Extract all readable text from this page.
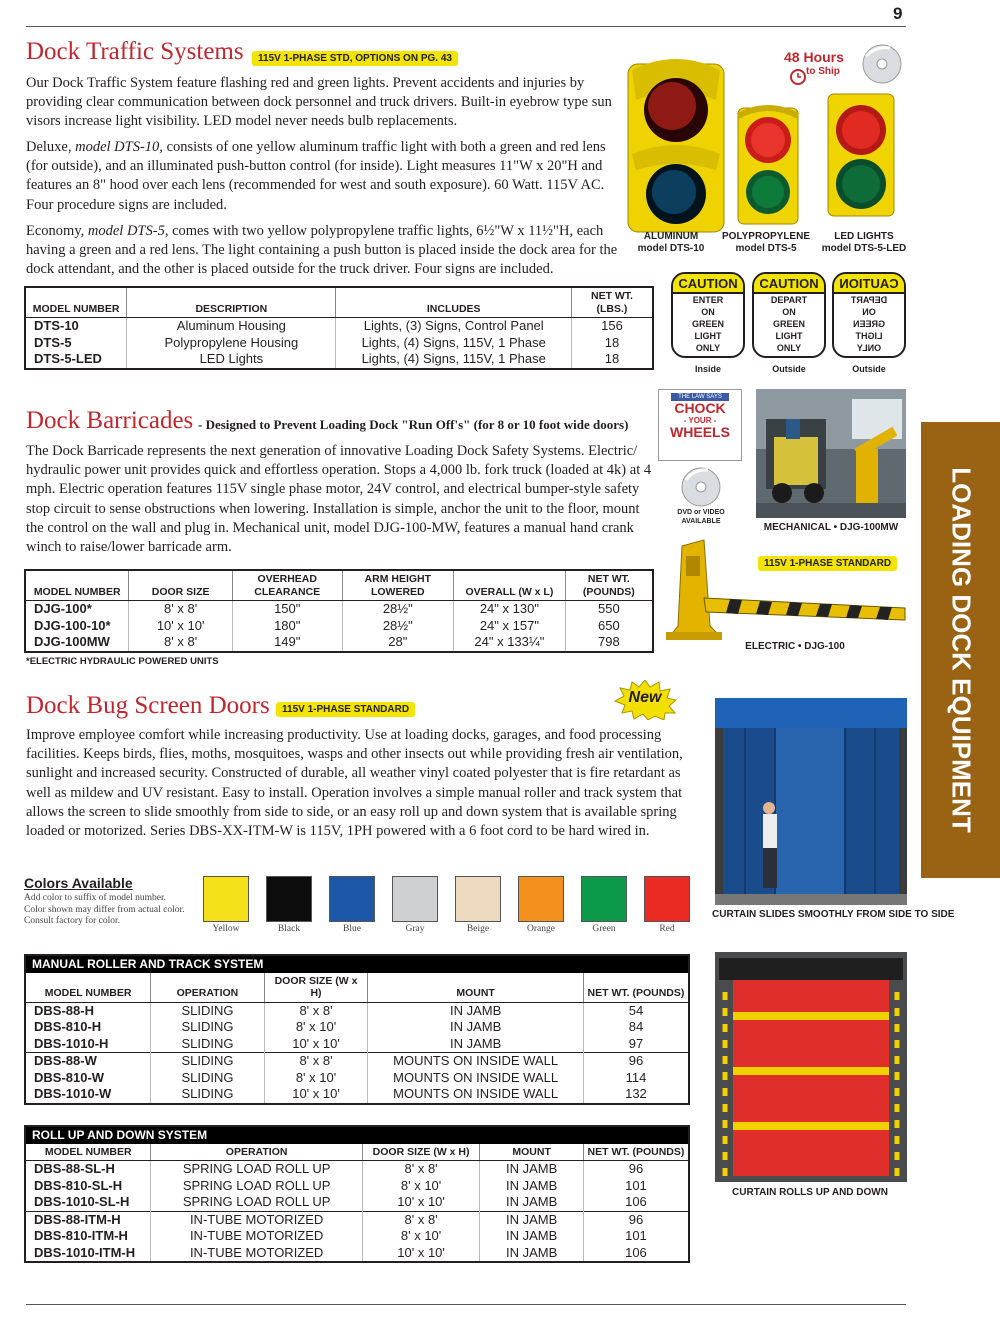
9
LOADING DOCK EQUIPMENT
Dock Traffic Systems	115V 1-PHASE STD, OPTIONS ON PG. 43
Our Dock Traffic System feature flashing red and green lights. Prevent accidents and injuries by providing clear communication between dock personnel and truck drivers. Built-in eyebrow type sun visors increase light visibility. LED model never needs bulb replacements.
Deluxe, model DTS-10, consists of one yellow aluminum traffic light with both a green and red lens (for outside), and an illuminated push-button control (for inside). Light measures 11"W x 20"H and features an 8" hood over each lens (recommended for west and south exposure). 60 Watt. 115V AC. Four procedure signs are included.
Economy, model DTS-5, comes with two yellow polypropylene traffic lights, 6½"W x 11½"H, each having a green and a red lens. The light containing a push button is placed inside the dock area for the dock attendant, and the other is placed outside for the truck driver. Four signs are included.
48 Hours
to Ship
ALUMINUM
model DTS-10
POLYPROPYLENE
model DTS-5
LED LIGHTS
model DTS-5-LED
CAUTION
ENTER
ON
GREEN
LIGHT
ONLY
CAUTION
DEPART
ON
GREEN
LIGHT
ONLY
CAUTION
DEPART
ON
GREEN
LIGHT
ONLY
Inside	Outside	Outside
MODEL NUMBER	DESCRIPTION	INCLUDES	NET WT. (LBS.)
DTS-10	Aluminum Housing	Lights, (3) Signs, Control Panel	156
DTS-5	Polypropylene Housing	Lights, (4) Signs, 115V, 1 Phase	18
DTS-5-LED	LED Lights	Lights, (4) Signs, 115V, 1 Phase	18
Dock Barricades - Designed to Prevent Loading Dock "Run Off's" (for 8 or 10 foot wide doors)
The Dock Barricade represents the next generation of innovative Loading Dock Safety Systems. Electric/ hydraulic power unit provides quick and effortless operation. Stops a 4,000 lb. fork truck (loaded at 4k) at 4 mph. Electric operation features 115V single phase motor, 24V control, and electrical bumper-style safety stop circuit to sense obstructions when lowering. Installation is simple, anchor the unit to the floor, mount the control on the wall and plug in. Mechanical unit, model DJG-100-MW, features a manual hand crank winch to raise/lower barricade arm.
THE LAW SAYS
CHOCK
- YOUR -
WHEELS
DVD or VIDEO AVAILABLE
MECHANICAL • DJG-100MW
115V 1-PHASE STANDARD
ELECTRIC • DJG-100
MODEL NUMBER	DOOR SIZE	OVERHEAD CLEARANCE	ARM HEIGHT LOWERED	OVERALL (W x L)	NET WT. (POUNDS)
DJG-100*	8' x 8'	150"	28½"	24" x 130"	550
DJG-100-10*	10' x 10'	180"	28½"	24" x 157"	650
DJG-100MW	8' x 8'	149"	28"	24" x 133¼"	798
*ELECTRIC HYDRAULIC POWERED UNITS
Dock Bug Screen Doors	115V 1-PHASE STANDARD
New
Improve employee comfort while increasing productivity. Use at loading docks, garages, and food processing facilities. Keeps birds, flies, moths, mosquitoes, wasps and other insects out while providing fresh air ventilation, sunlight and increased security. Constructed of durable, all weather vinyl coated polyester that is fire retardant as well as mildew and UV resistant. Easy to install. Operation involves a simple manual roller and track system that allows the screen to slide smoothly from side to side, or an easy roll up and down system that is available spring loaded or motorized. Series DBS-XX-ITM-W is 115V, 1PH powered with a 6 foot cord to be hard wired in.
Colors Available
Add color to suffix of model number.
Color shown may differ from actual color.
Consult factory for color.
Yellow	Black	Blue	Gray	Beige	Orange	Green	Red
CURTAIN SLIDES SMOOTHLY FROM SIDE TO SIDE
CURTAIN ROLLS UP AND DOWN
MANUAL ROLLER AND TRACK SYSTEM				
MODEL NUMBER	OPERATION	DOOR SIZE (W x H)	MOUNT	NET WT. (POUNDS)
DBS-88-H	SLIDING	8' x 8'	IN JAMB	54
DBS-810-H	SLIDING	8' x 10'	IN JAMB	84
DBS-1010-H	SLIDING	10' x 10'	IN JAMB	97
DBS-88-W	SLIDING	8' x 8'	MOUNTS ON INSIDE WALL	96
DBS-810-W	SLIDING	8' x 10'	MOUNTS ON INSIDE WALL	114
DBS-1010-W	SLIDING	10' x 10'	MOUNTS ON INSIDE WALL	132
ROLL UP AND DOWN SYSTEM				
MODEL NUMBER	OPERATION	DOOR SIZE (W x H)	MOUNT	NET WT. (POUNDS)
DBS-88-SL-H	SPRING LOAD ROLL UP	8' x 8'	IN JAMB	96
DBS-810-SL-H	SPRING LOAD ROLL UP	8' x 10'	IN JAMB	101
DBS-1010-SL-H	SPRING LOAD ROLL UP	10' x 10'	IN JAMB	106
DBS-88-ITM-H	IN-TUBE MOTORIZED	8' x 8'	IN JAMB	96
DBS-810-ITM-H	IN-TUBE MOTORIZED	8' x 10'	IN JAMB	101
DBS-1010-ITM-H	IN-TUBE MOTORIZED	10' x 10'	IN JAMB	106
